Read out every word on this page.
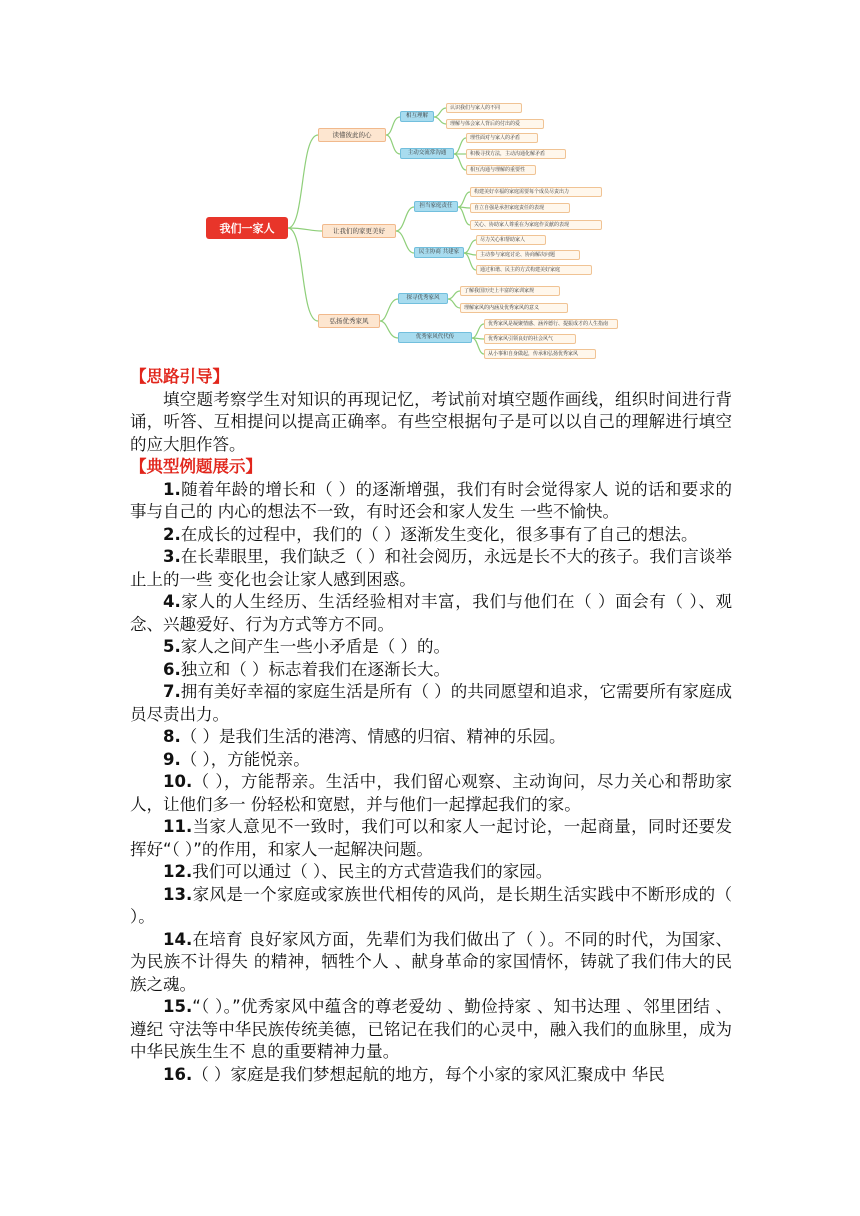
我们一家人
读懂彼此的心
让我们的家更美好
弘扬优秀家风
相互理解
主动交流常沟通
担当家庭责任
民主协商 共建家
探寻优秀家风
优秀家风代代传
认识我们与家人的不同
理解与体会家人背后的付出的爱
理性面对与家人的矛盾
积极寻找方法，主动沟通化解矛盾
相互沟通与理解的重要性
构建美好幸福的家庭需要每个成员尽责出力
自立自强是承担家庭责任的表现
关心、协助家人尊重在为家庭作贡献的表现
尽力关心和帮助家人
主动参与家庭讨论、协商解决问题
通过和谐、民主的方式构建美好家庭
了解我国历史上丰富的家训家规
理解家风的内涵及优秀家风的意义
优秀家风是凝聚情感、涵养德行、提振成才的人生指南
优秀家风引领良好的社会风气
从小事和自身做起，传承和弘扬优秀家风
【思路引导】

填空题考察学生对知识的再现记忆，考试前对填空题作画线，组织时间进行背诵，听答、互相提问以提高正确率。有些空根据句子是可以以自己的理解进行填空的应大胆作答。

【典型例题展示】

1.随着年龄的增长和（ ）的逐渐增强，我们有时会觉得家人 说的话和要求的事与自己的 内心的想法不一致，有时还会和家人发生 一些不愉快。

2.在成长的过程中，我们的（ ）逐渐发生变化，很多事有了自己的想法。

3.在长辈眼里，我们缺乏（ ）和社会阅历，永远是长不大的孩子。我们言谈举止上的一些 变化也会让家人感到困惑。

4.家人的人生经历、生活经验相对丰富，我们与他们在（ ）面会有（ ）、观念、兴趣爱好、行为方式等方不同。

5.家人之间产生一些小矛盾是（ ）的。

6.独立和（ ）标志着我们在逐渐长大。

7.拥有美好幸福的家庭生活是所有（ ）的共同愿望和追求，它需要所有家庭成员尽责出力。

8.（ ）是我们生活的港湾、情感的归宿、精神的乐园。

9.（ ），方能悦亲。

10.（ ），方能帮亲。生活中，我们留心观察、主动询问，尽力关心和帮助家人，让他们多一 份轻松和宽慰，并与他们一起撑起我们的家。

11.当家人意见不一致时，我们可以和家人一起讨论，一起商量，同时还要发挥好“（ ）”的作用，和家人一起解决问题。

12.我们可以通过（ ）、民主的方式营造我们的家园。

13.家风是一个家庭或家族世代相传的风尚，是长期生活实践中不断形成的（ ）。

14.在培育 良好家风方面，先辈们为我们做出了（ ）。不同的时代，为国家、为民族不计得失 的精神，牺牲个人 、献身革命的家国情怀，铸就了我们伟大的民族之魂。

15.“（ ）。”优秀家风中蕴含的尊老爱幼 、勤俭持家 、知书达理 、邻里团结 、遵纪 守法等中华民族传统美德，已铭记在我们的心灵中，融入我们的血脉里，成为中华民族生生不 息的重要精神力量。

16.（ ）家庭是我们梦想起航的地方，每个小家的家风汇聚成中 华民
